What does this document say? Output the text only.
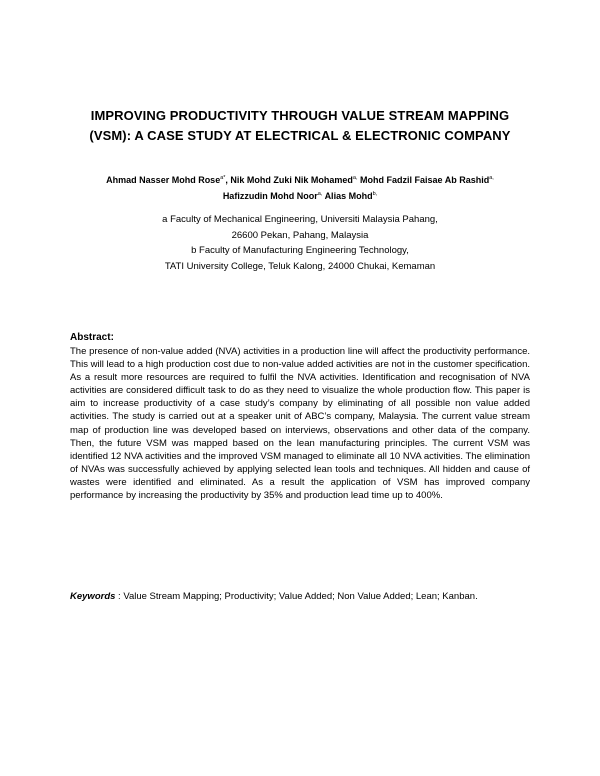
IMPROVING PRODUCTIVITY THROUGH VALUE STREAM MAPPING
(VSM): A CASE STUDY AT ELECTRICAL & ELECTRONIC COMPANY
Ahmad Nasser Mohd Rose$^{a*}$, Nik Mohd Zuki Nik Mohamed$^{a,}$ Mohd Fadzil Faisae Ab Rashid$^{a,}$
Hafizzudin Mohd Noor$^{a,}$ Alias Mohd$^{b,}$
a Faculty of Mechanical Engineering, Universiti Malaysia Pahang,
26600 Pekan, Pahang, Malaysia
b Faculty of Manufacturing Engineering Technology,
TATI University College, Teluk Kalong, 24000 Chukai, Kemaman
Abstract:
The presence of non-value added (NVA) activities in a production line will affect the productivity performance. This will lead to a high production cost due to non-value added activities are not in the customer specification. As a result more resources are required to fulfil the NVA activities. Identification and recognisation of NVA activities are considered difficult task to do as they need to visualize the whole production flow. This paper is aim to increase productivity of a case study’s company by eliminating of all possible non value added activities. The study is carried out at a speaker unit of ABC’s company, Malaysia. The current value stream map of production line was developed based on interviews, observations and other data of the company. Then, the future VSM was mapped based on the lean manufacturing principles. The current VSM was identified 12 NVA activities and the improved VSM managed to eliminate all 10 NVA activities. The elimination of NVAs was successfully achieved by applying selected lean tools and techniques. All hidden and cause of wastes were identified and eliminated. As a result the application of VSM has improved company performance by increasing the productivity by 35% and production lead time up to 400%.
Keywords : Value Stream Mapping; Productivity; Value Added; Non Value Added; Lean; Kanban.
